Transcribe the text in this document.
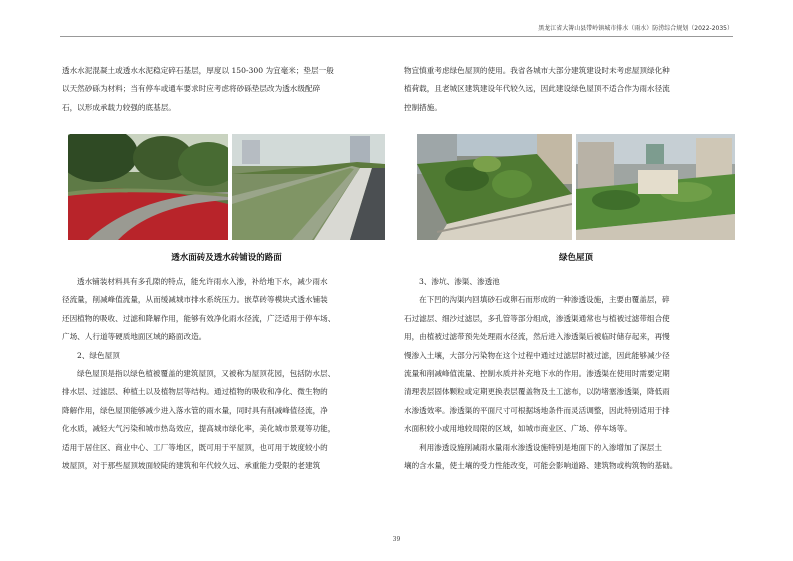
黑龙江省大箐山县带岭镇城市排水（雨水）防涝综合规划（2022-2035）
透水水泥混凝土或透水水泥稳定碎石基层，厚度以 150-300 为宜毫米；垫层一般
以天然砂砾为材料；当有停车或通车要求时应考虑将砂砾垫层改为透水级配碎
石，以形成承载力较强的底基层。
透水面砖及透水砖铺设的路面
透水铺装材料具有多孔隙的特点，能允许雨水入渗，补给地下水，减少雨水
径流量，削减峰值流量，从而缓减城市排水系统压力。嵌草砖等模块式透水铺装
还因植物的吸收、过滤和降解作用，能够有效净化雨水径流，广泛适用于停车场、
广场、人行道等硬质地面区域的路面改造。
2、绿色屋顶
绿色屋顶是指以绿色植被覆盖的建筑屋顶，又被称为屋顶花园，包括防水层、
排水层、过滤层、种植土以及植物层等结构。通过植物的吸收和净化、微生物的
降解作用，绿色屋顶能够减少进入落水管的雨水量，同时具有削减峰值径流，净
化水质，减轻大气污染和城市热岛效应，提高城市绿化率，美化城市景观等功能，
适用于居住区、商业中心、工厂等地区，既可用于平屋顶，也可用于坡度较小的
坡屋顶，对于那些屋顶坡面较陡的建筑和年代较久远、承重能力受限的老建筑
物宜慎重考虑绿色屋顶的使用。我省各城市大部分建筑建设时未考虑屋顶绿化种
植荷载，且老城区建筑建设年代较久远，因此建设绿色屋顶不适合作为雨水径流
控制措施。
绿色屋顶
3、渗坑、渗渠、渗透池
在下凹的沟渠内回填砂石或卵石而形成的一种渗透设施，主要由覆盖层，碎
石过滤层、细沙过滤层，多孔管等部分组成，渗透渠通常也与植被过滤带组合使
用，由植被过滤带预先处理雨水径流，然后进入渗透渠后被临时储存起来，再慢
慢渗入土壤，大部分污染物在这个过程中通过过滤层时被过滤，因此能够减少径
流量和削减峰值流量、控制水质并补充地下水的作用。渗透渠在使用时需要定期
清理表层固体颗粒或定期更换表层覆盖物及土工滤布，以防堵塞渗透渠，降低雨
水渗透效率。渗透渠的平面尺寸可根据场地条件而灵活调整，因此特别适用于排
水面积较小或用地较局限的区域，如城市商业区、广场、停车场等。
利用渗透设施削减雨水量雨水渗透设施特别是地面下的入渗增加了深层土
壤的含水量，使土壤的受力性能改变，可能会影响道路、建筑物或构筑物的基础。
39
